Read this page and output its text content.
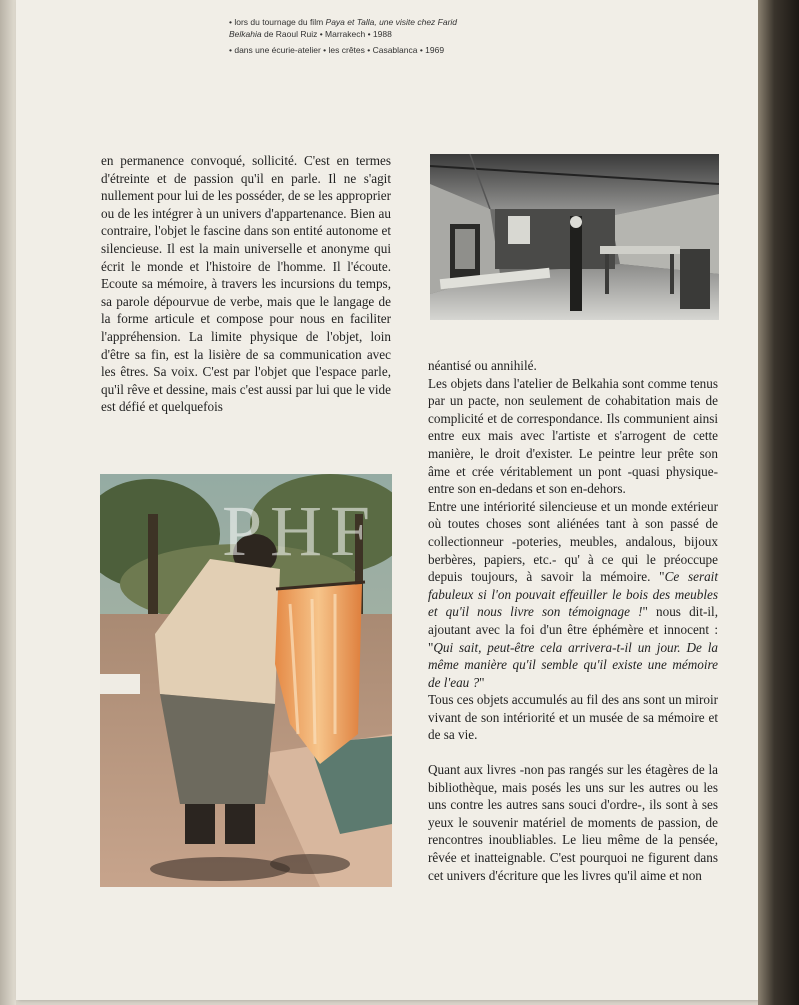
• lors du tournage du film Paya et Talla, une visite chez Farid
Belkahia de Raoul Ruiz • Marrakech • 1988

• dans une écurie-atelier • les crêtes • Casablanca • 1969

en permanence convoqué, sollicité. C'est en termes d'étreinte et de passion qu'il en parle. Il ne s'agit nullement pour lui de les posséder, de se les approprier ou de les intégrer à un univers d'appartenance. Bien au contraire, l'objet le fascine dans son entité autonome et silencieuse. Il est la main universelle et anonyme qui écrit le monde et l'histoire de l'homme. Il l'écoute. Ecoute sa mémoire, à travers les incursions du temps, sa parole dépourvue de verbe, mais que le langage de la forme articule et compose pour nous en faciliter l'appréhension. La limite physique de l'objet, loin d'être sa fin, est la lisière de sa communication avec les êtres. Sa voix. C'est par l'objet que l'espace parle, qu'il rêve et dessine, mais c'est aussi par lui que le vide est défié et quelquefois

néantisé ou annihilé.

Les objets dans l'atelier de Belkahia sont comme tenus par un pacte, non seulement de cohabitation mais de complicité et de correspondance. Ils communient ainsi entre eux mais avec l'artiste et s'arrogent de cette manière, le droit d'exister. Le peintre leur prête son âme et crée véritablement un pont -quasi physique- entre son en-dedans et son en-dehors.

Entre une intériorité silencieuse et un monde extérieur où toutes choses sont aliénées tant à son passé de collectionneur -poteries, meubles, andalous, bijoux berbères, papiers, etc.- qu' à ce qui le préoccupe depuis toujours, à savoir la mémoire. "Ce serait fabuleux si l'on pouvait effeuiller le bois des meubles et qu'il nous livre son témoignage !" nous dit-il, ajoutant avec la foi d'un être éphémère et innocent : "Qui sait, peut-être cela arrivera-t-il un jour. De la même manière qu'il semble qu'il existe une mémoire de l'eau ?"

Tous ces objets accumulés au fil des ans sont un miroir vivant de son intériorité et un musée de sa mémoire et de sa vie.

Quant aux livres -non pas rangés sur les étagères de la bibliothèque, mais posés les uns sur les autres ou les uns contre les autres sans souci d'ordre-, ils sont à ses yeux le souvenir matériel de moments de passion, de rencontres inoubliables. Le lieu même de la pensée, rêvée et inatteignable. C'est pourquoi ne figurent dans cet univers d'écriture que les livres qu'il aime et non

PHF
